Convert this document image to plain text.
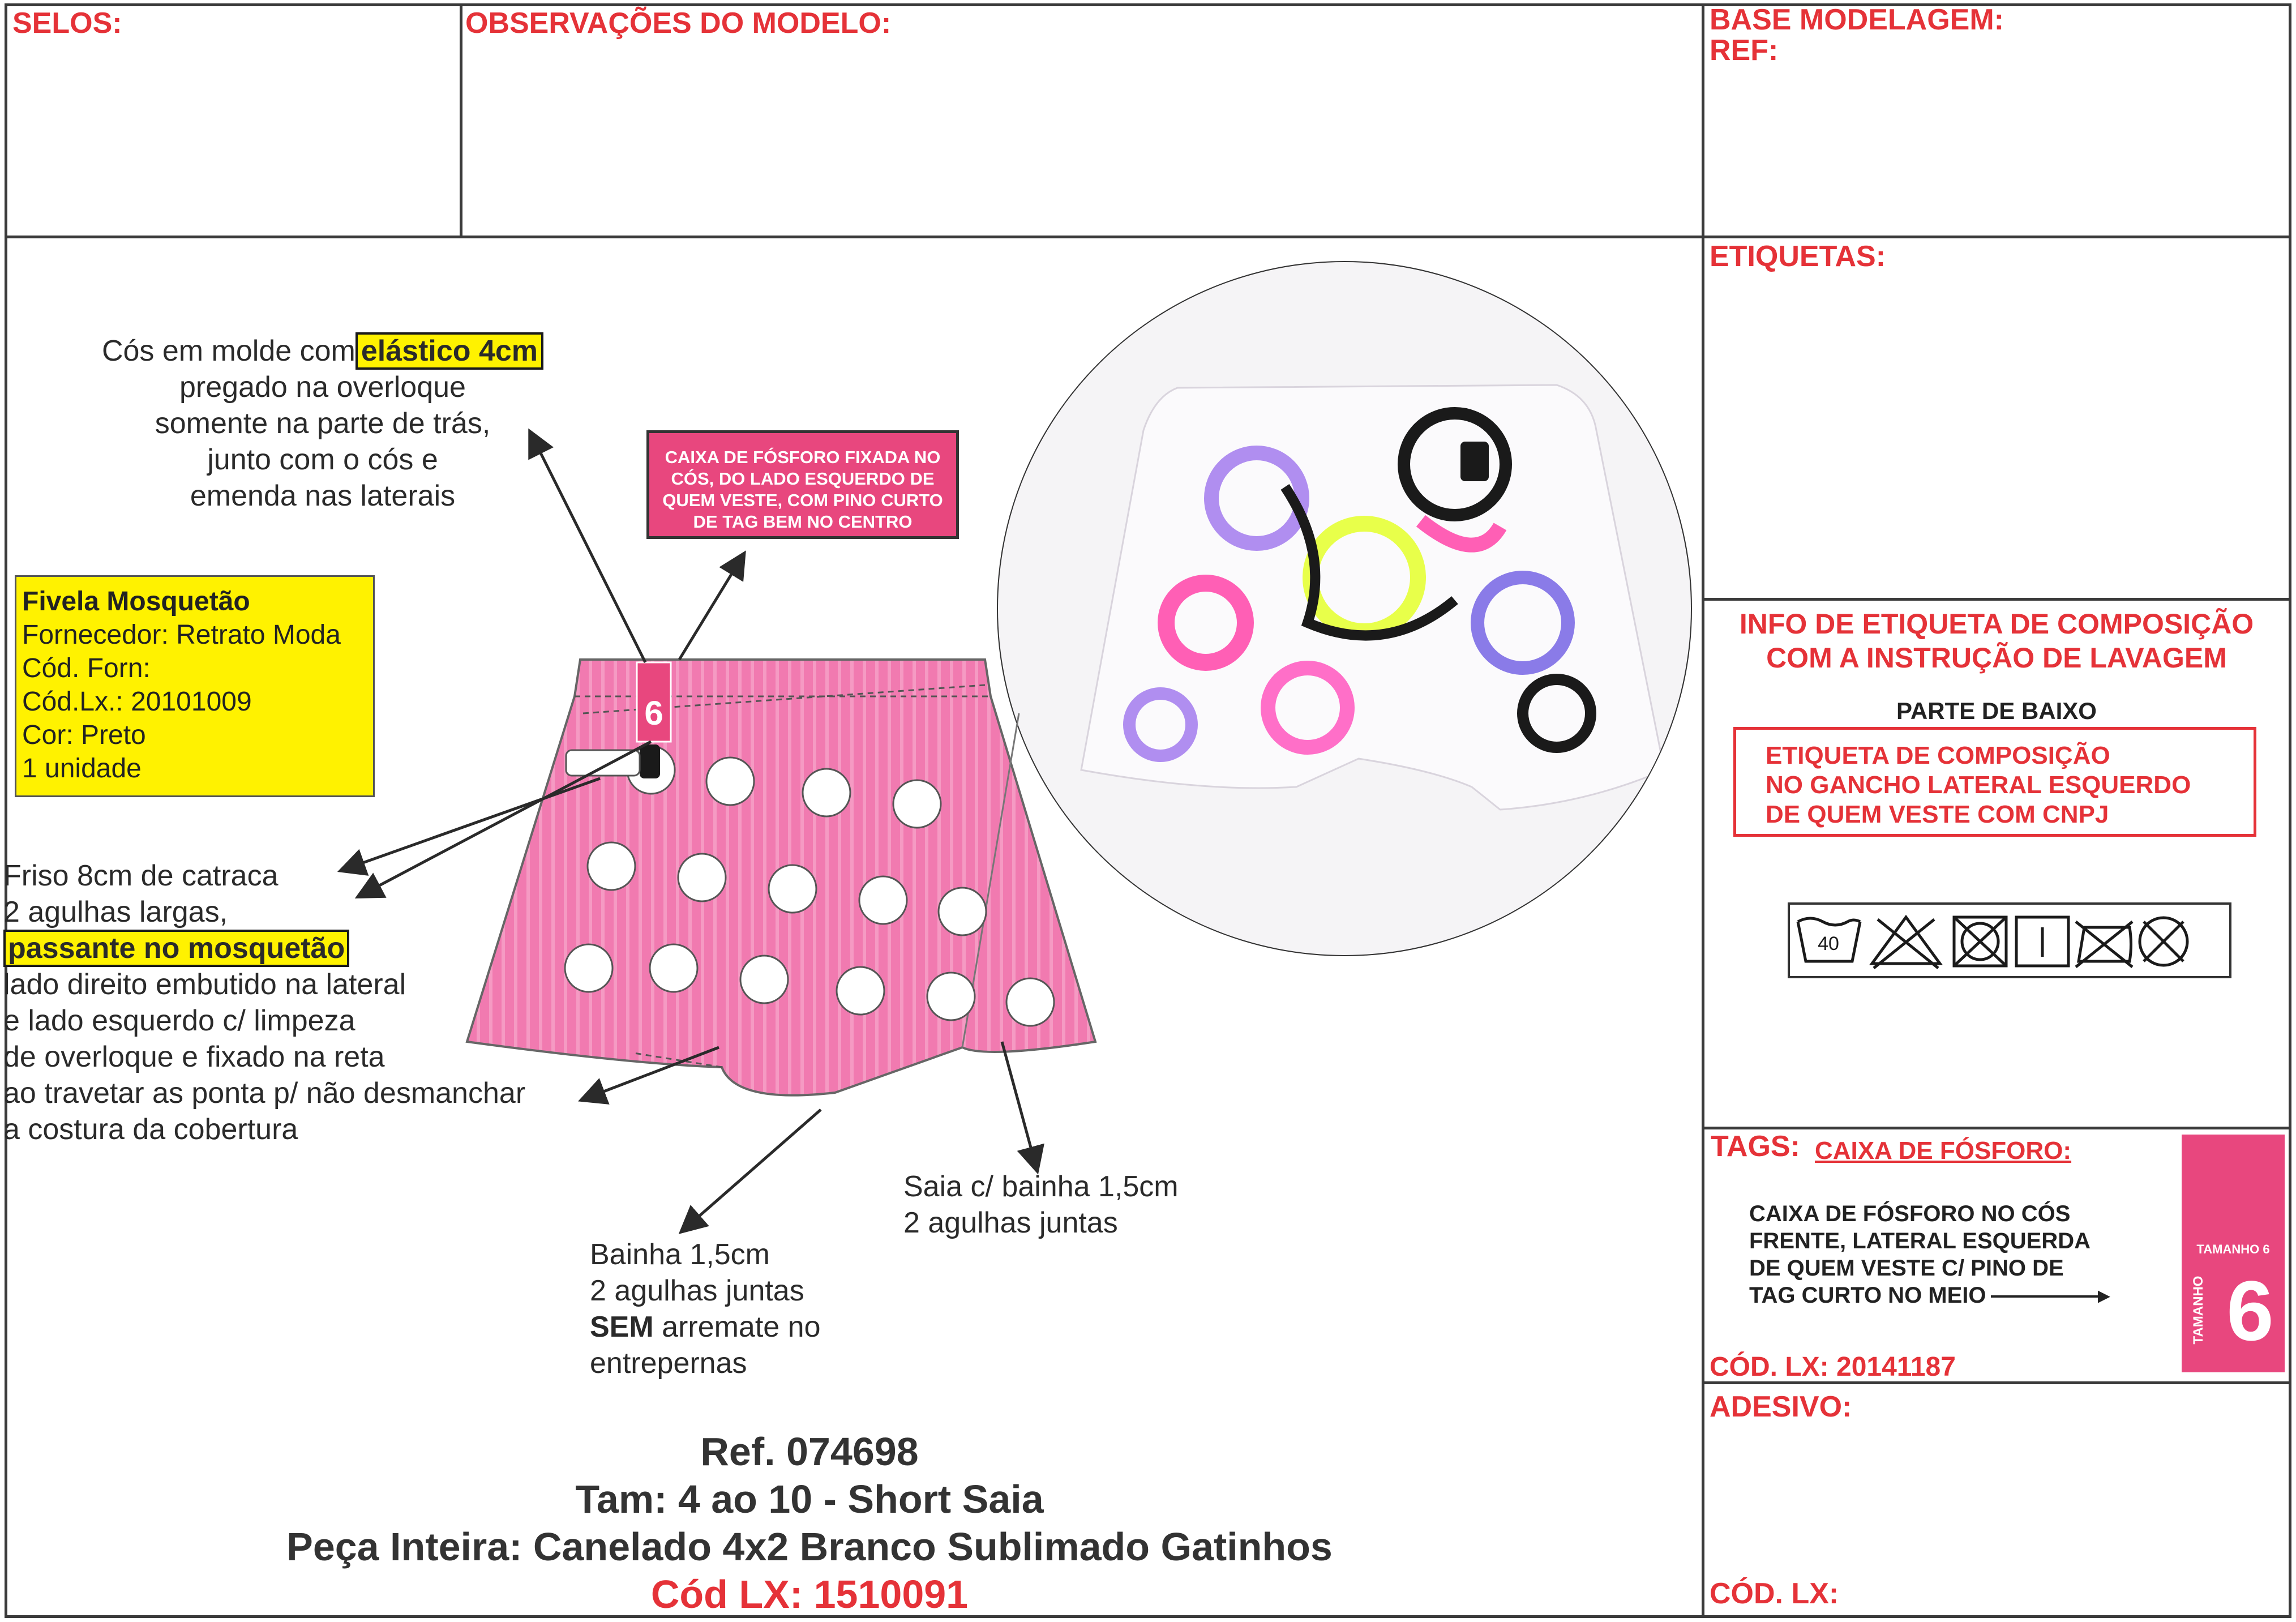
SELOS:	OBSERVAÇÕES DO MODELO:	BASE MODELAGEM:
REF:
CAIXA DE FÓSFORO FIXADA NO CÓS, DO LADO ESQUERDO DE QUEM VESTE, COM PINO CURTO DE TAG BEM NO CENTRO
Cós em molde com elástico 4cm
pregado na overloque
somente na parte de trás,
junto com o cós e
emenda nas laterais
Fivela Mosquetão
Fornecedor: Retrato Moda
Cód. Forn:
Cód.Lx.: 20101009
Cor: Preto
1 unidade
6
Friso 8cm de catraca
2 agulhas largas,
passante no mosquetão
lado direito embutido na lateral
e lado esquerdo c/ limpeza
de overloque e fixado na reta
ao travetar as ponta p/ não desmanchar
a costura da cobertura
Saia c/ bainha 1,5cm
2 agulhas juntas
Bainha 1,5cm
2 agulhas juntas
SEM arremate no
entrepernas
Ref. 074698
Tam: 4 ao 10 - Short Saia
Peça Inteira: Canelado 4x2 Branco Sublimado Gatinhos
Cód LX: 1510091
ETIQUETAS:
INFO DE ETIQUETA DE COMPOSIÇÃO
COM A INSTRUÇÃO DE LAVAGEM
PARTE DE BAIXO
ETIQUETA DE COMPOSIÇÃO
NO GANCHO LATERAL ESQUERDO
DE QUEM VESTE COM CNPJ
40
TAGS: CAIXA DE FÓSFORO:
CAIXA DE FÓSFORO NO CÓS
FRENTE, LATERAL ESQUERDA
DE QUEM VESTE C/ PINO DE
TAG CURTO NO MEIO	▸
CÓD. LX: 20141187
TAMANHO 6
TAMANHO 6
ADESIVO:
CÓD. LX:
